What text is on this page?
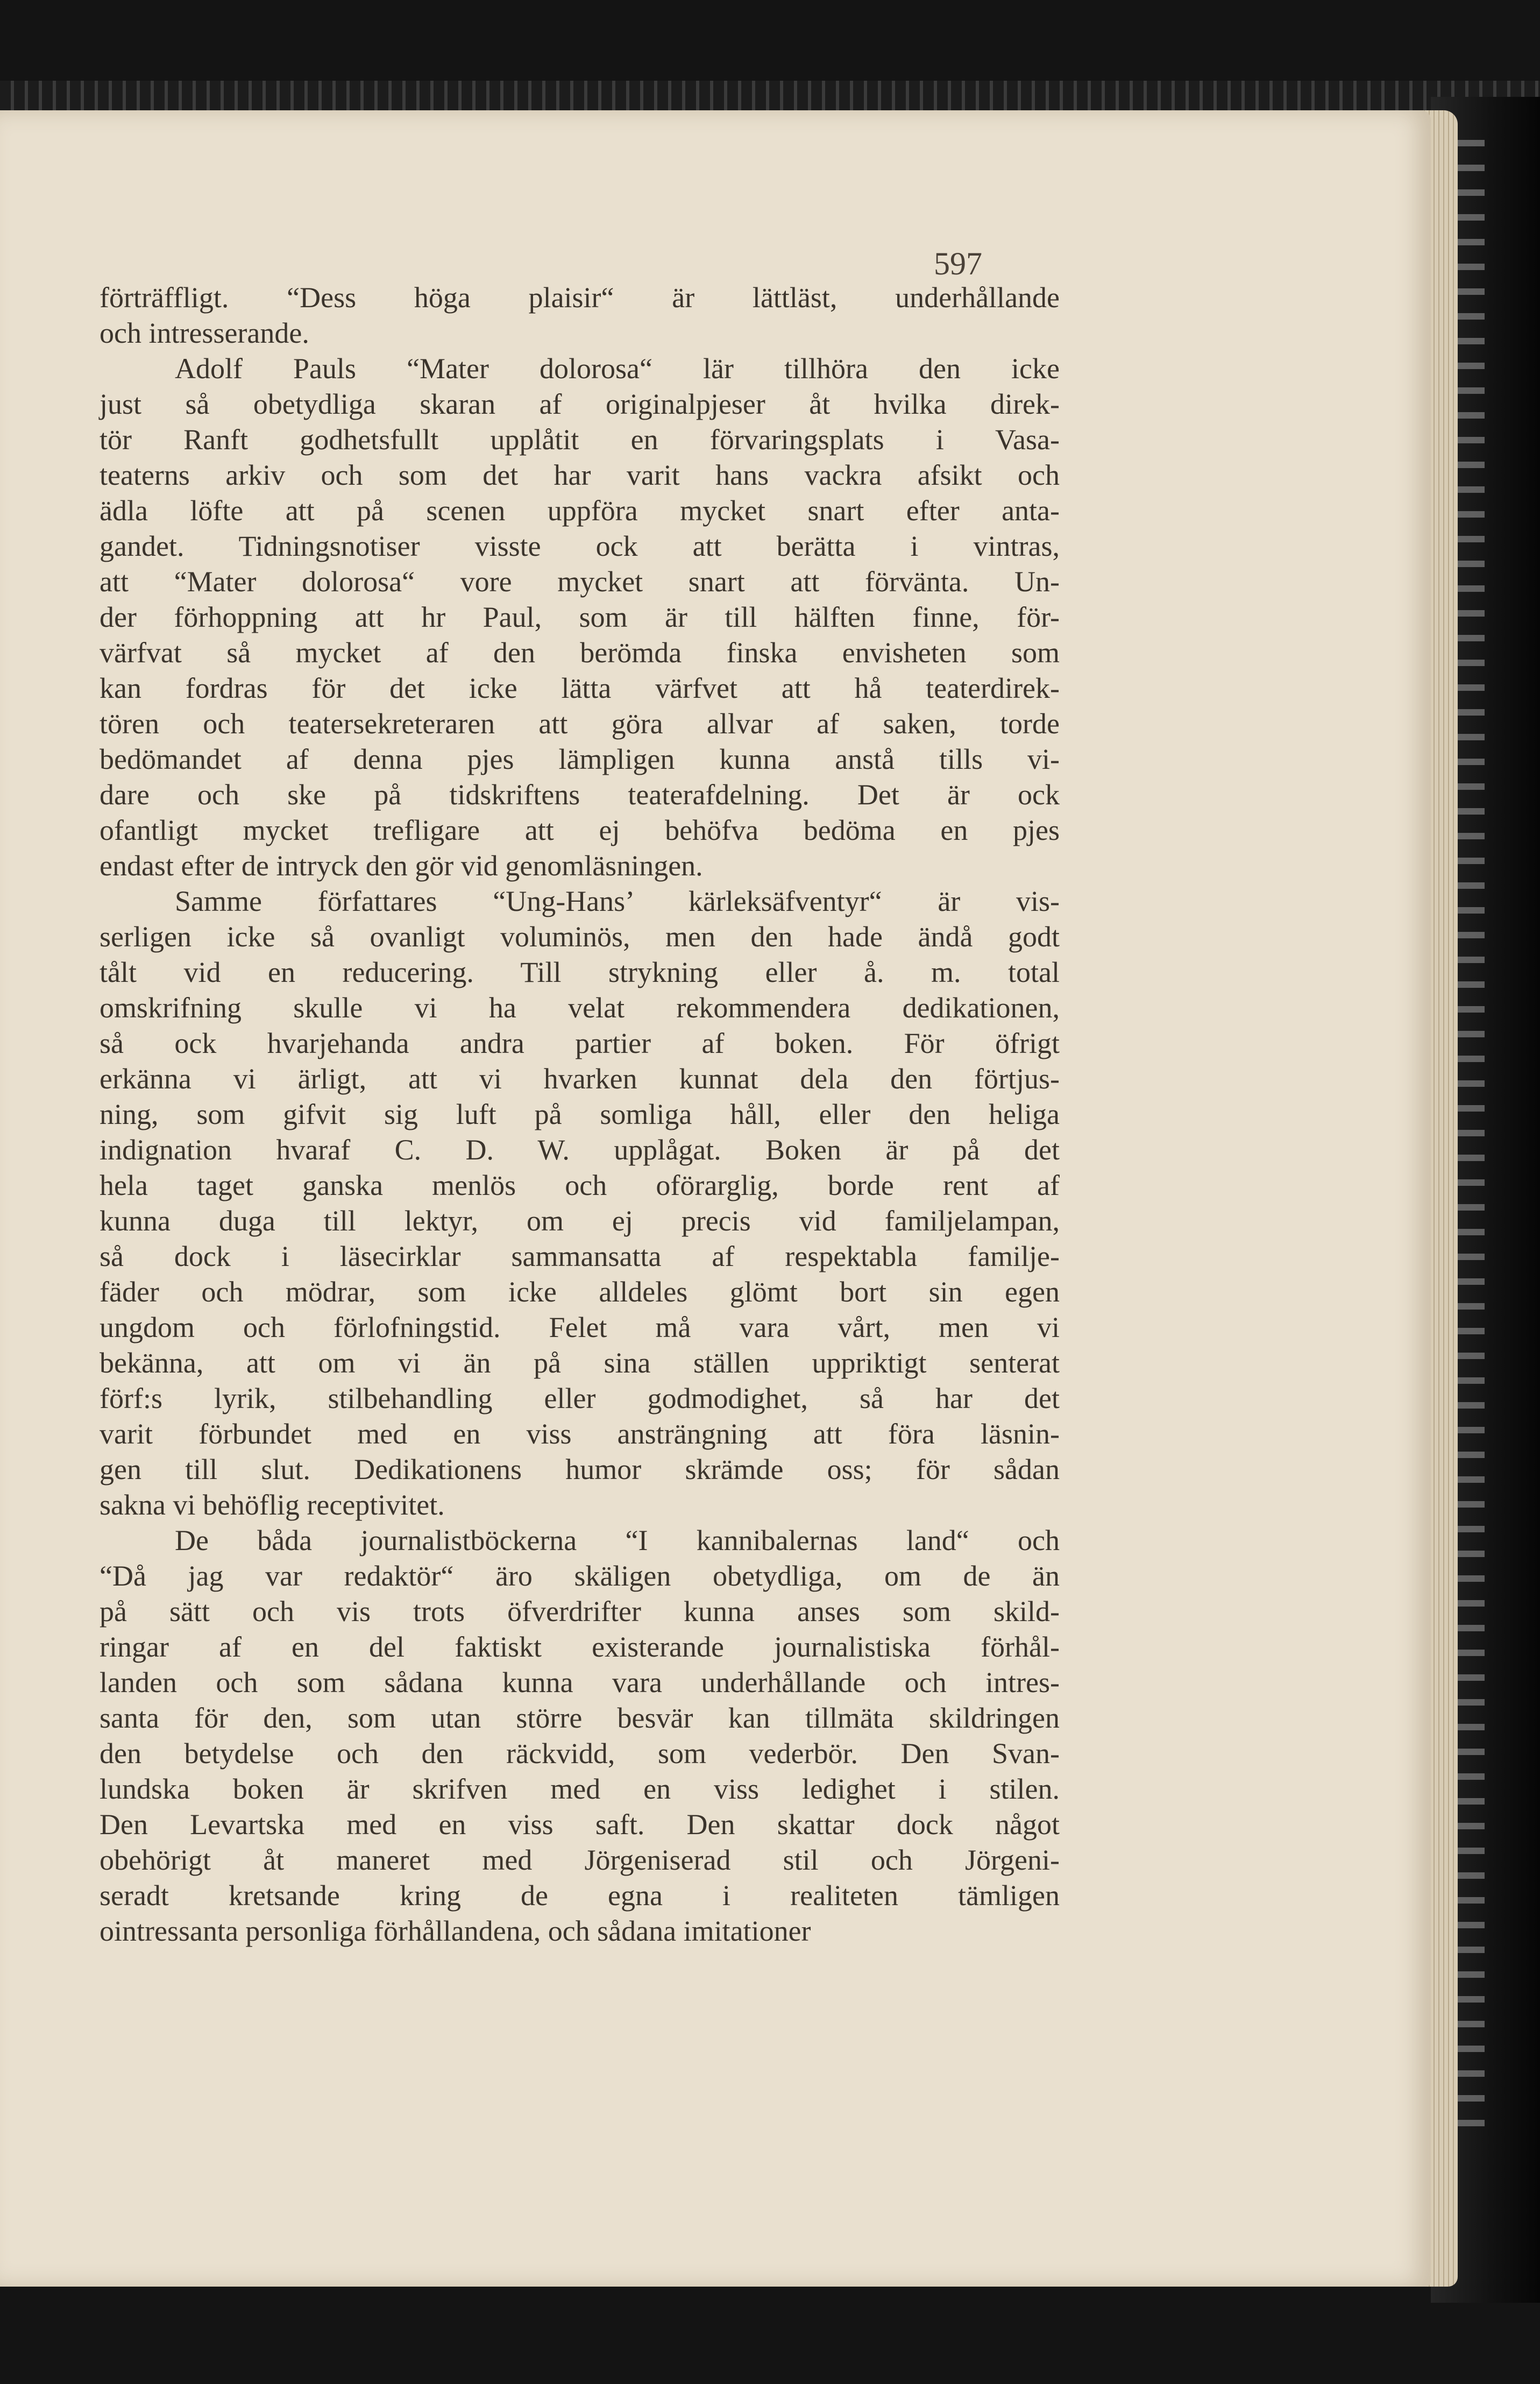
597

förträffligt. “Dess höga plaisir“ är lättläst, underhållande

och intresserande.

Adolf Pauls “Mater dolorosa“ lär tillhöra den icke

just så obetydliga skaran af originalpjeser åt hvilka direk-

tör Ranft godhetsfullt upplåtit en förvaringsplats i Vasa-

teaterns arkiv och som det har varit hans vackra afsikt och

ädla löfte att på scenen uppföra mycket snart efter anta-

gandet. Tidningsnotiser visste ock att berätta i vintras,

att “Mater dolorosa“ vore mycket snart att förvänta. Un-

der förhoppning att hr Paul, som är till hälften finne, för-

värfvat så mycket af den berömda finska envisheten som

kan fordras för det icke lätta värfvet att hå teaterdirek-

tören och teatersekreteraren att göra allvar af saken, torde

bedömandet af denna pjes lämpligen kunna anstå tills vi-

dare och ske på tidskriftens teaterafdelning. Det är ock

ofantligt mycket trefligare att ej behöfva bedöma en pjes

endast efter de intryck den gör vid genomläsningen.

Samme författares “Ung-Hans’ kärleksäfventyr“ är vis-

serligen icke så ovanligt voluminös, men den hade ändå godt

tålt vid en reducering. Till strykning eller å. m. total

omskrifning skulle vi ha velat rekommendera dedikationen,

så ock hvarjehanda andra partier af boken. För öfrigt

erkänna vi ärligt, att vi hvarken kunnat dela den förtjus-

ning, som gifvit sig luft på somliga håll, eller den heliga

indignation hvaraf C. D. W. upplågat. Boken är på det

hela taget ganska menlös och oförarglig, borde rent af

kunna duga till lektyr, om ej precis vid familjelampan,

så dock i läsecirklar sammansatta af respektabla familje-

fäder och mödrar, som icke alldeles glömt bort sin egen

ungdom och förlofningstid. Felet må vara vårt, men vi

bekänna, att om vi än på sina ställen uppriktigt senterat

förf:s lyrik, stilbehandling eller godmodighet, så har det

varit förbundet med en viss ansträngning att föra läsnin-

gen till slut. Dedikationens humor skrämde oss; för sådan

sakna vi behöflig receptivitet.

De båda journalistböckerna “I kannibalernas land“ och

“Då jag var redaktör“ äro skäligen obetydliga, om de än

på sätt och vis trots öfverdrifter kunna anses som skild-

ringar af en del faktiskt existerande journalistiska förhål-

landen och som sådana kunna vara underhållande och intres-

santa för den, som utan större besvär kan tillmäta skildringen

den betydelse och den räckvidd, som vederbör. Den Svan-

lundska boken är skrifven med en viss ledighet i stilen.

Den Levartska med en viss saft. Den skattar dock något

obehörigt åt maneret med Jörgeniserad stil och Jörgeni-

seradt kretsande kring de egna i realiteten tämligen

ointressanta personliga förhållandena, och sådana imitationer
